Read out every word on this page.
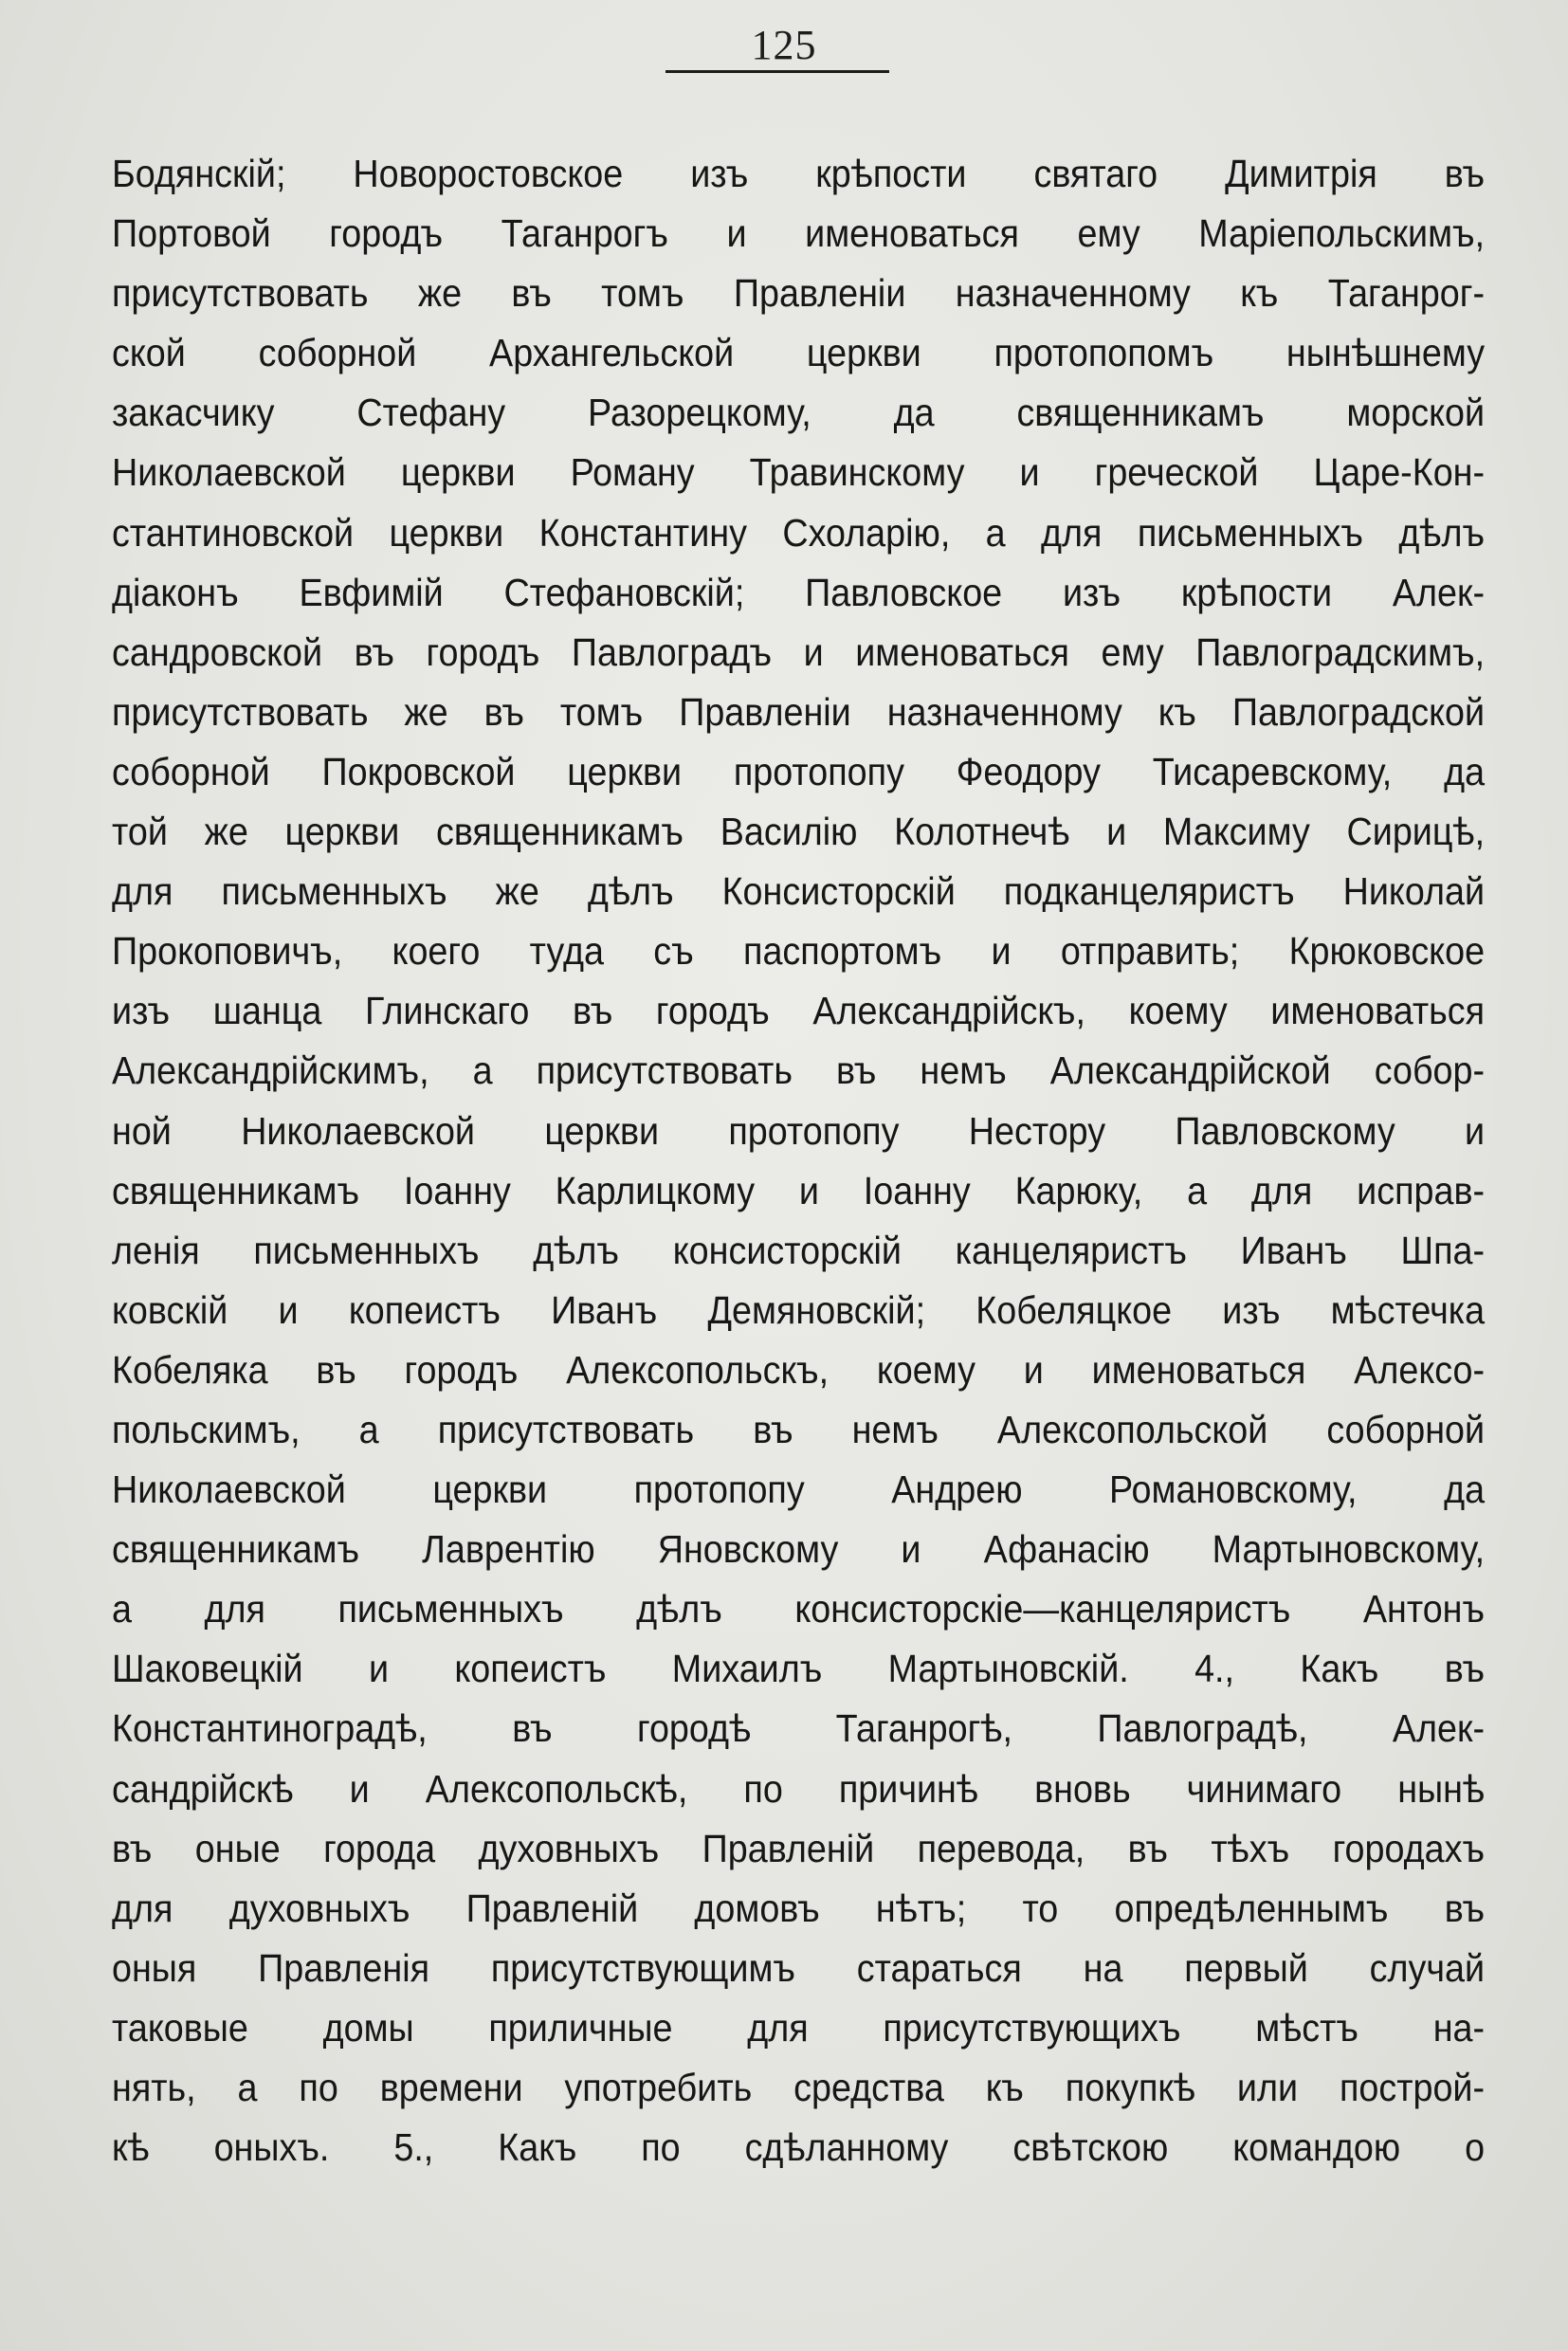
125
Бодянскій; Новоростовское изъ крѣпости святаго Димитрія въ
Портовой городъ Таганрогъ и именоваться ему Маріепольскимъ,
присутствовать же въ томъ Правленіи назначенному къ Таганрог-
ской соборной Архангельской церкви протопопомъ нынѣшнему
закасчику Стефану Разорецкому, да священникамъ морской
Николаевской церкви Роману Травинскому и греческой Царе-Кон-
стантиновской церкви Константину Схоларію, а для письменныхъ дѣлъ
діаконъ Евфимій Стефановскій; Павловское изъ крѣпости Алек-
сандровской въ городъ Павлоградъ и именоваться ему Павлоградскимъ,
присутствовать же въ томъ Правленіи назначенному къ Павлоградской
соборной Покровской церкви протопопу Феодору Тисаревскому, да
той же церкви священникамъ Василію Колотнечѣ и Максиму Сирицѣ,
для письменныхъ же дѣлъ Консисторскій подканцеляристъ Николай
Прокоповичъ, коего туда съ паспортомъ и отправить; Крюковское
изъ шанца Глинскаго въ городъ Александрійскъ, коему именоваться
Александрійскимъ, а присутствовать въ немъ Александрійской собор-
ной Николаевской церкви протопопу Нестору Павловскому и
священникамъ Іоанну Карлицкому и Іоанну Карюку, а для исправ-
ленія письменныхъ дѣлъ консисторскій канцеляристъ Иванъ Шпа-
ковскій и копеистъ Иванъ Демяновскій; Кобеляцкое изъ мѣстечка
Кобеляка въ городъ Алексопольскъ, коему и именоваться Алексо-
польскимъ, а присутствовать въ немъ Алексопольской соборной
Николаевской церкви протопопу Андрею Романовскому, да
священникамъ Лаврентію Яновскому и Афанасію Мартыновскому,
а для письменныхъ дѣлъ консисторскіе—канцеляристъ Антонъ
Шаковецкій и копеистъ Михаилъ Мартыновскій. 4., Какъ въ
Константиноградѣ, въ городѣ Таганрогѣ, Павлоградѣ, Алек-
сандрійскѣ и Алексопольскѣ, по причинѣ вновь чинимаго нынѣ
въ оные города духовныхъ Правленій перевода, въ тѣхъ городахъ
для духовныхъ Правленій домовъ нѣтъ; то опредѣленнымъ въ
оныя Правленія присутствующимъ стараться на первый случай
таковые домы приличные для присутствующихъ мѣстъ на-
нять, а по времени употребить средства къ покупкѣ или построй-
кѣ оныхъ. 5., Какъ по сдѣланному свѣтскою командою о
